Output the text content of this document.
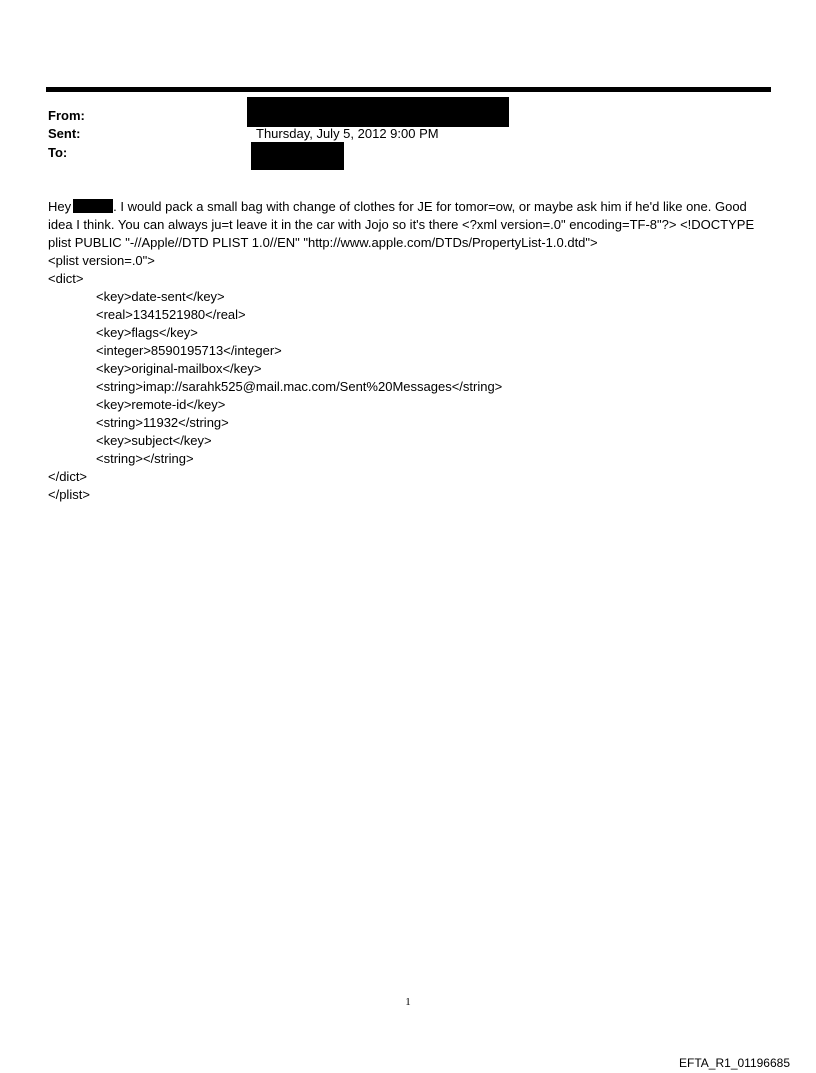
From:
Sent:
To:
Thursday, July 5, 2012 9:00 PM
Hey	. I would pack a small bag with change of clothes for JE for tomor=ow, or maybe ask him if he'd like one. Good
idea I think. You can always ju=t leave it in the car with Jojo so it's there <?xml version=.0" encoding=TF-8"?> <!DOCTYPE
plist PUBLIC "-//Apple//DTD PLIST 1.0//EN" "http://www.apple.com/DTDs/PropertyList-1.0.dtd">
<plist version=.0">
<dict>
<key>date-sent</key>
<real>1341521980</real>
<key>flags</key>
<integer>8590195713</integer>
<key>original-mailbox</key>
<string>imap://sarahk525@mail.mac.com/Sent%20Messages</string>
<key>remote-id</key>
<string>11932</string>
<key>subject</key>
<string></string>
</dict>
</plist>
1
EFTA_R1_01196685
